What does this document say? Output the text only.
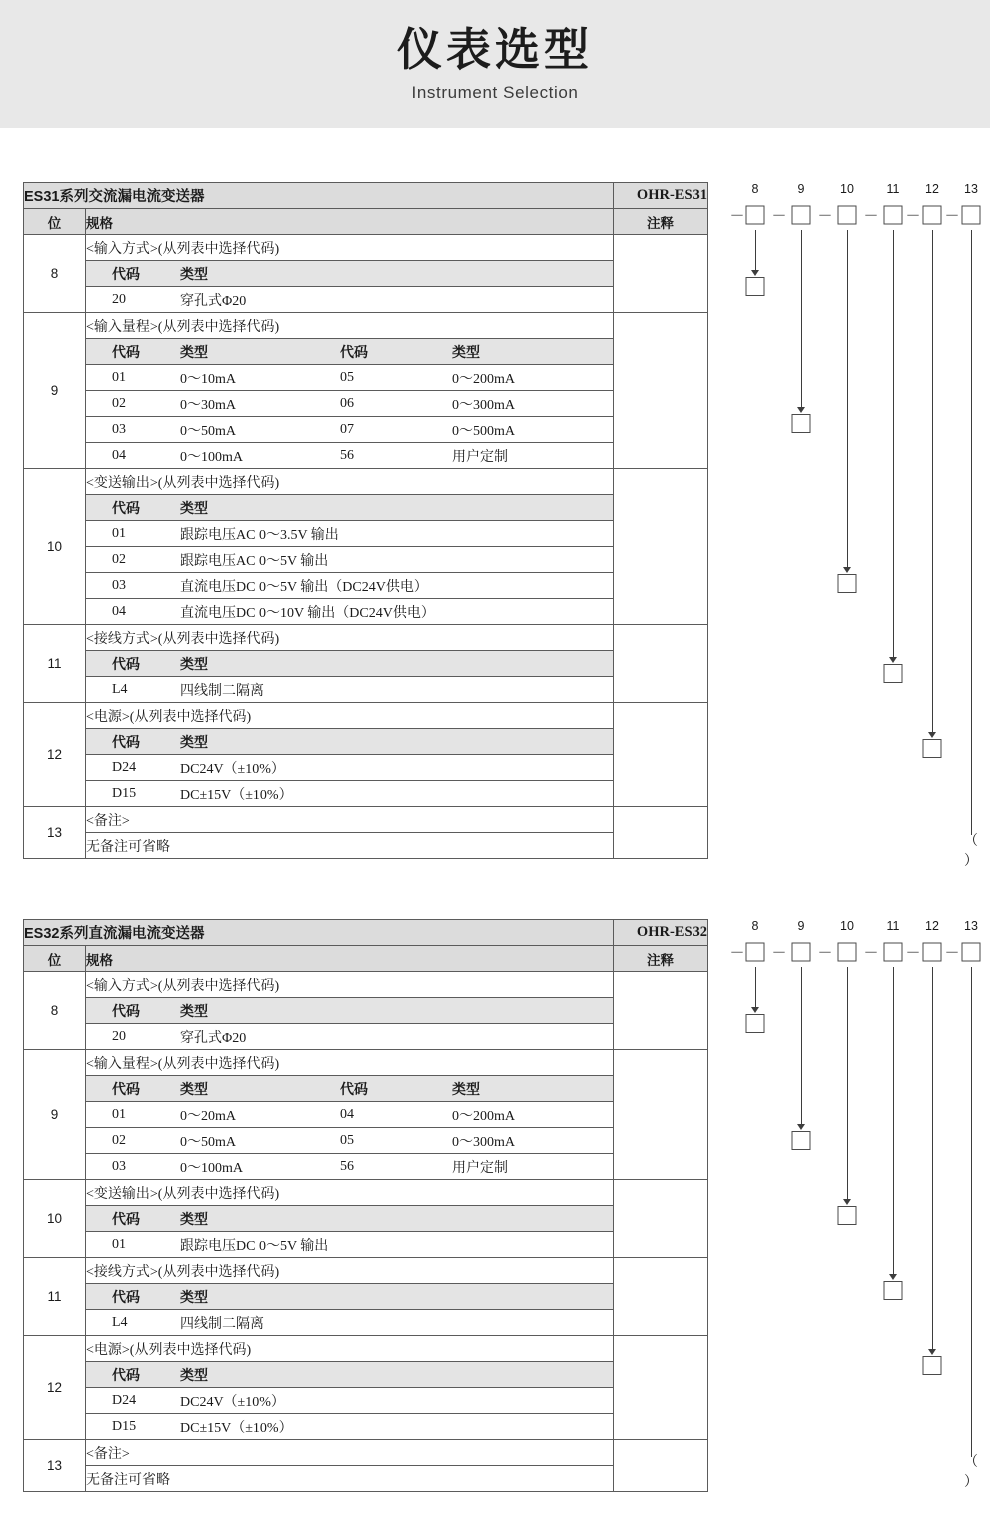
仪表选型
Instrument Selection
ES31系列交流漏电流变送器		OHR-ES31
位	规格	注释
8	<输入方式>(从列表中选择代码)	

	代码 类型	

	20 穿孔式Φ20	

9	<输入量程>(从列表中选择代码)	

	代码 类型 代码 类型	

	01 0～10mA 05 0～200mA	

	02 0～30mA 06 0～300mA	

	03 0～50mA 07 0～500mA	

	04 0～100mA 56 用户定制	

10	<变送输出>(从列表中选择代码)	

	代码 类型	

	01 跟踪电压AC 0～3.5V 输出	

	02 跟踪电压AC 0～5V 输出	

	03 直流电压DC 0～5V 输出（DC24V供电）	

	04 直流电压DC 0～10V 输出（DC24V供电）	

11	<接线方式>(从列表中选择代码)	

	代码 类型	

	L4 四线制二隔离	

12	<电源>(从列表中选择代码)	

	代码 类型	

	D24 DC24V（±10%）	

	D15 DC±15V（±10%）	

13	<备注>	
	无备注可省略	
8	9	10	11 12 13
－ － － － － －
（ ）
ES32系列直流漏电流变送器		OHR-ES32
位	规格	注释
8	<输入方式>(从列表中选择代码)	

	代码 类型	

	20 穿孔式Φ20	

9	<输入量程>(从列表中选择代码)	

	代码 类型 代码 类型	

	01 0～20mA 04 0～200mA	

	02 0～50mA 05 0～300mA	

	03 0～100mA 56 用户定制	

10	<变送输出>(从列表中选择代码)	

	代码 类型	

	01 跟踪电压DC 0～5V 输出	

11	<接线方式>(从列表中选择代码)	

	代码 类型	

	L4 四线制二隔离	

12	<电源>(从列表中选择代码)	

	代码 类型	

	D24 DC24V（±10%）	

	D15 DC±15V（±10%）	

13	<备注>	
	无备注可省略	
8	9	10	11 12 13
－ － － － － －
（ ）
